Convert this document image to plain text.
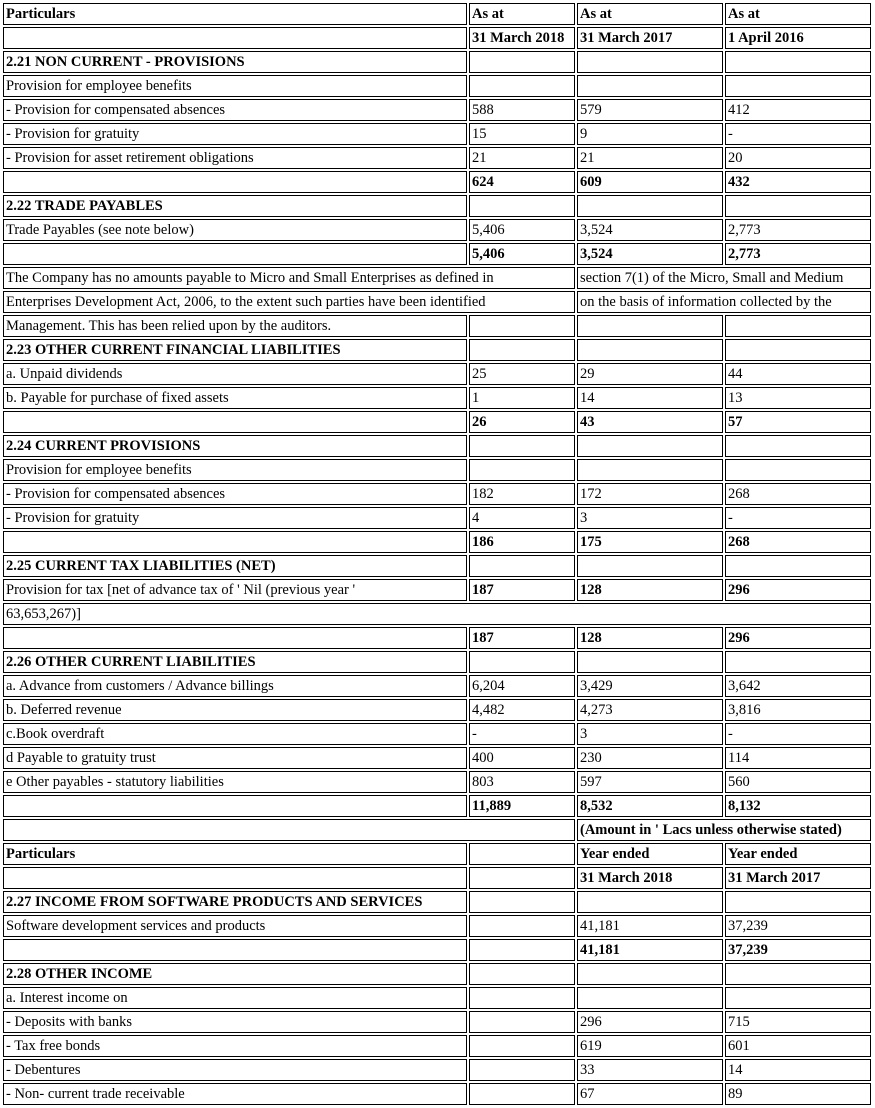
Particulars	As at	As at	As at
	31 March 2018	31 March 2017	1 April 2016
2.21 NON CURRENT - PROVISIONS			
Provision for employee benefits			
- Provision for compensated absences	588	579	412
- Provision for gratuity	15	9	-
- Provision for asset retirement obligations	21	21	20
	624	609	432
2.22 TRADE PAYABLES			
Trade Payables (see note below)	5,406	3,524	2,773
	5,406	3,524	2,773
The Company has no amounts payable to Micro and Small Enterprises as defined in		section 7(1) of the Micro, Small and Medium	
Enterprises Development Act, 2006, to the extent such parties have been identified		on the basis of information collected by the	
Management. This has been relied upon by the auditors.			
2.23 OTHER CURRENT FINANCIAL LIABILITIES			
a. Unpaid dividends	25	29	44
b. Payable for purchase of fixed assets	1	14	13
	26	43	57
2.24 CURRENT PROVISIONS			
Provision for employee benefits			
- Provision for compensated absences	182	172	268
- Provision for gratuity	4	3	-
	186	175	268
2.25 CURRENT TAX LIABILITIES (NET)			
Provision for tax [net of advance tax of ' Nil (previous year '	187	128	296
63,653,267)]			
	187	128	296
2.26 OTHER CURRENT LIABILITIES			
a. Advance from customers / Advance billings	6,204	3,429	3,642
b. Deferred revenue	4,482	4,273	3,816
c.Book overdraft	-	3	-
d Payable to gratuity trust	400	230	114
e Other payables - statutory liabilities	803	597	560
	11,889	8,532	8,132
		(Amount in ' Lacs unless otherwise stated)	
Particulars		Year ended	Year ended
		31 March 2018	31 March 2017
2.27 INCOME FROM SOFTWARE PRODUCTS AND SERVICES			
Software development services and products		41,181	37,239
		41,181	37,239
2.28 OTHER INCOME			
a. Interest income on			
- Deposits with banks		296	715
- Tax free bonds		619	601
- Debentures		33	14
- Non- current trade receivable		67	89
